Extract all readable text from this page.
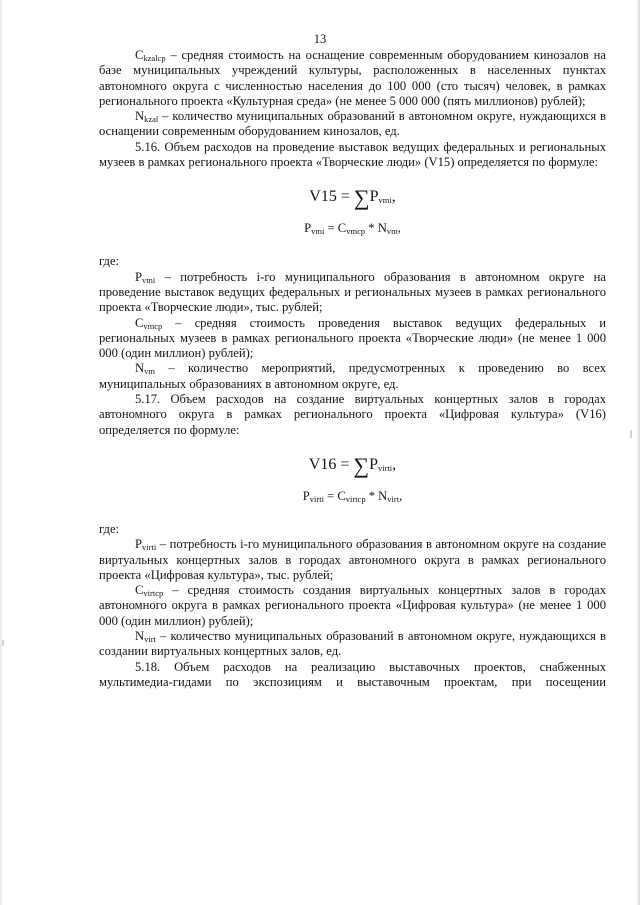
13

$C_{kzalcp}$ – средняя стоимость на оснащение современным оборудованием кинозалов на базе муниципальных учреждений культуры, расположенных в населенных пунктах автономного округа с численностью населения до 100 000 (сто тысяч) человек, в рамках регионального проекта «Культурная среда» (не менее 5 000 000 (пять миллионов) рублей);

$N_{kzal}$ – количество муниципальных образований в автономном округе, нуждающихся в оснащении современным оборудованием кинозалов, ед.

5.16. Объем расходов на проведение выставок ведущих федеральных и региональных музеев в рамках регионального проекта «Творческие люди» (V15) определяется по формуле:

$V15 = \sum P_{vmi}$,

$P_{vmi} = C_{vmcp} * N_{vm}$,

где:

$P_{vmi}$ – потребность i-го муниципального образования в автономном округе на проведение выставок ведущих федеральных и региональных музеев в рамках регионального проекта «Творческие люди», тыс. рублей;

$C_{vmcp}$ – средняя стоимость проведения выставок ведущих федеральных и региональных музеев в рамках регионального проекта «Творческие люди» (не менее 1 000 000 (один миллион) рублей);

$N_{vm}$ – количество мероприятий, предусмотренных к проведению во всех муниципальных образованиях в автономном округе, ед.

5.17. Объем расходов на создание виртуальных концертных залов в городах автономного округа в рамках регионального проекта «Цифровая культура» (V16) определяется по формуле:

$V16 = \sum P_{virti}$,

$P_{virti} = C_{virtcp} * N_{virt}$,

где:

$P_{virti}$ – потребность i-го муниципального образования в автономном округе на создание виртуальных концертных залов в городах автономного округа в рамках регионального проекта «Цифровая культура», тыс. рублей;

$C_{virtcp}$ – средняя стоимость создания виртуальных концертных залов в городах автономного округа в рамках регионального проекта «Цифровая культура» (не менее 1 000 000 (один миллион) рублей);

$N_{virt}$ – количество муниципальных образований в автономном округе, нуждающихся в создании виртуальных концертных залов, ед.

5.18. Объем расходов на реализацию выставочных проектов, снабженных мультимедиа-гидами по экспозициям и выставочным проектам, при посещении
